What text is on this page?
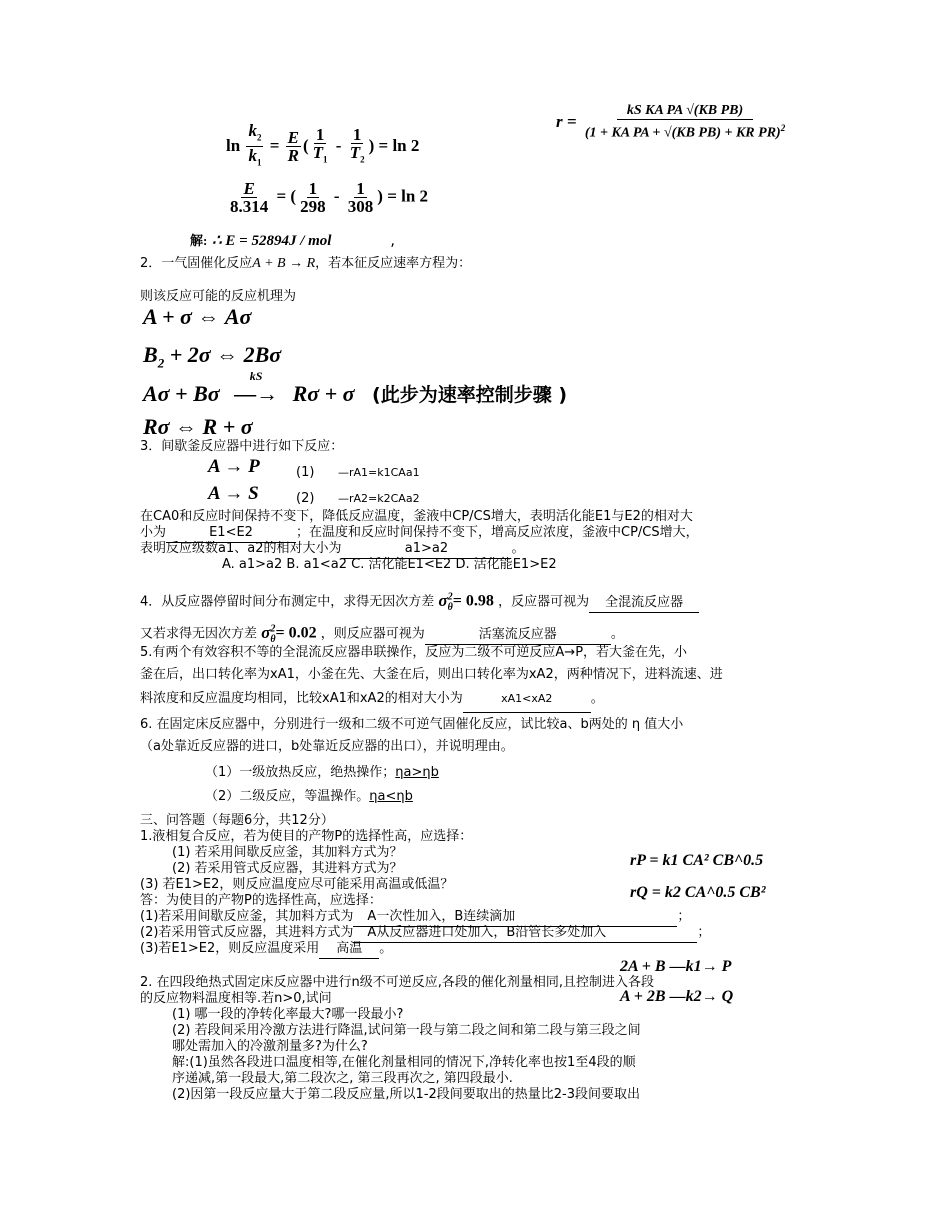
$\ln \frac{k_2}{k_1} = \frac{E}{R}$ ( $\frac{1}{T_1} - \frac{1}{T_2}$ ) = ln 2
$\frac{E}{8.314}$ = ( $\frac{1}{298} - \frac{1}{308}$ ) = ln 2
解: ∴ E = 52894J / mol	,
$r = \frac{\text{kS KA PA √(KB PB)}}{(1 + KA PA + √(KB PB) + KR PR)^2}$
2．一气固催化反应A + B → R，若本征反应速率方程为：
则该反应可能的反应机理为
A + σ ⇔ Aσ
$B_2 + 2\sigma$ ⇔ 2Bσ
Aσ + Bσ
kS
—→ Rσ + σ (此步为速率控制步骤 )
Rσ ⇔ R + σ
3．间歇釜反应器中进行如下反应：
A → P	(1) —rA1=k1CAa1
A → S	(2) —rA2=k2CAa2
在CA0和反应时间保持不变下，降低反应温度，釜液中CP/CS增大，表明活化能E1与E2的相对大
小为	E1<E2	；在温度和反应时间保持不变下，增高反应浓度，釜液中CP/CS增大，
表明反应级数a1、a2的相对大小为	a1>a2	。
A. a1>a2 B. a1<a2 C. 活化能E1<E2 D. 活化能E1>E2
4．从反应器停留时间分布测定中，求得无因次方差 $\sigma^2_\theta= 0.98$ ，反应器可视为 全混流反应器
又若求得无因次方差 $\sigma^2_\theta= 0.02$ ，则反应器可视为	活塞流反应器	。
5.有两个有效容积不等的全混流反应器串联操作，反应为二级不可逆反应A→P，若大釜在先，小
釜在后，出口转化率为xA1，小釜在先、大釜在后，则出口转化率为xA2，两种情况下，进料流速、进
料浓度和反应温度均相同，比较xA1和xA2的相对大小为	xA1<xA2	。
6. 在固定床反应器中，分别进行一级和二级不可逆气固催化反应，试比较a、b两处的 η 值大小
（a处靠近反应器的进口，b处靠近反应器的出口），并说明理由。
（1）一级放热反应，绝热操作；ηa>ηb
（2）二级反应，等温操作。ηa<ηb
三、问答题（每题6分，共12分）
1.液相复合反应，若为使目的产物P的选择性高，应选择：
(1) 若采用间歇反应釜，其加料方式为？
(2) 若采用管式反应器，其进料方式为？
(3) 若E1>E2，则反应温度应尽可能采用高温或低温？
rP = k1 CA² CB^0.5
rQ = k2 CA^0.5 CB²
答：为使目的产物P的选择性高，应选择：
(1)若采用间歇反应釜，其加料方式为 A一次性加入，B连续滴加	；
(2)若采用管式反应器，其进料方式为 A从反应器进口处加入，B沿管长多处加入	；
(3)若E1>E2，则反应温度采用 高温 。
2A + B —k1→ P
A + 2B —k2→ Q
2. 在四段绝热式固定床反应器中进行n级不可逆反应,各段的催化剂量相同,且控制进入各段
的反应物料温度相等.若n>0,试问
(1) 哪一段的净转化率最大?哪一段最小?
(2) 若段间采用冷激方法进行降温,试问第一段与第二段之间和第二段与第三段之间
哪处需加入的冷激剂量多?为什么?
解:(1)虽然各段进口温度相等,在催化剂量相同的情况下,净转化率也按1至4段的顺
序递减,第一段最大,第二段次之, 第三段再次之, 第四段最小.
(2)因第一段反应量大于第二段反应量,所以1-2段间要取出的热量比2-3段间要取出
